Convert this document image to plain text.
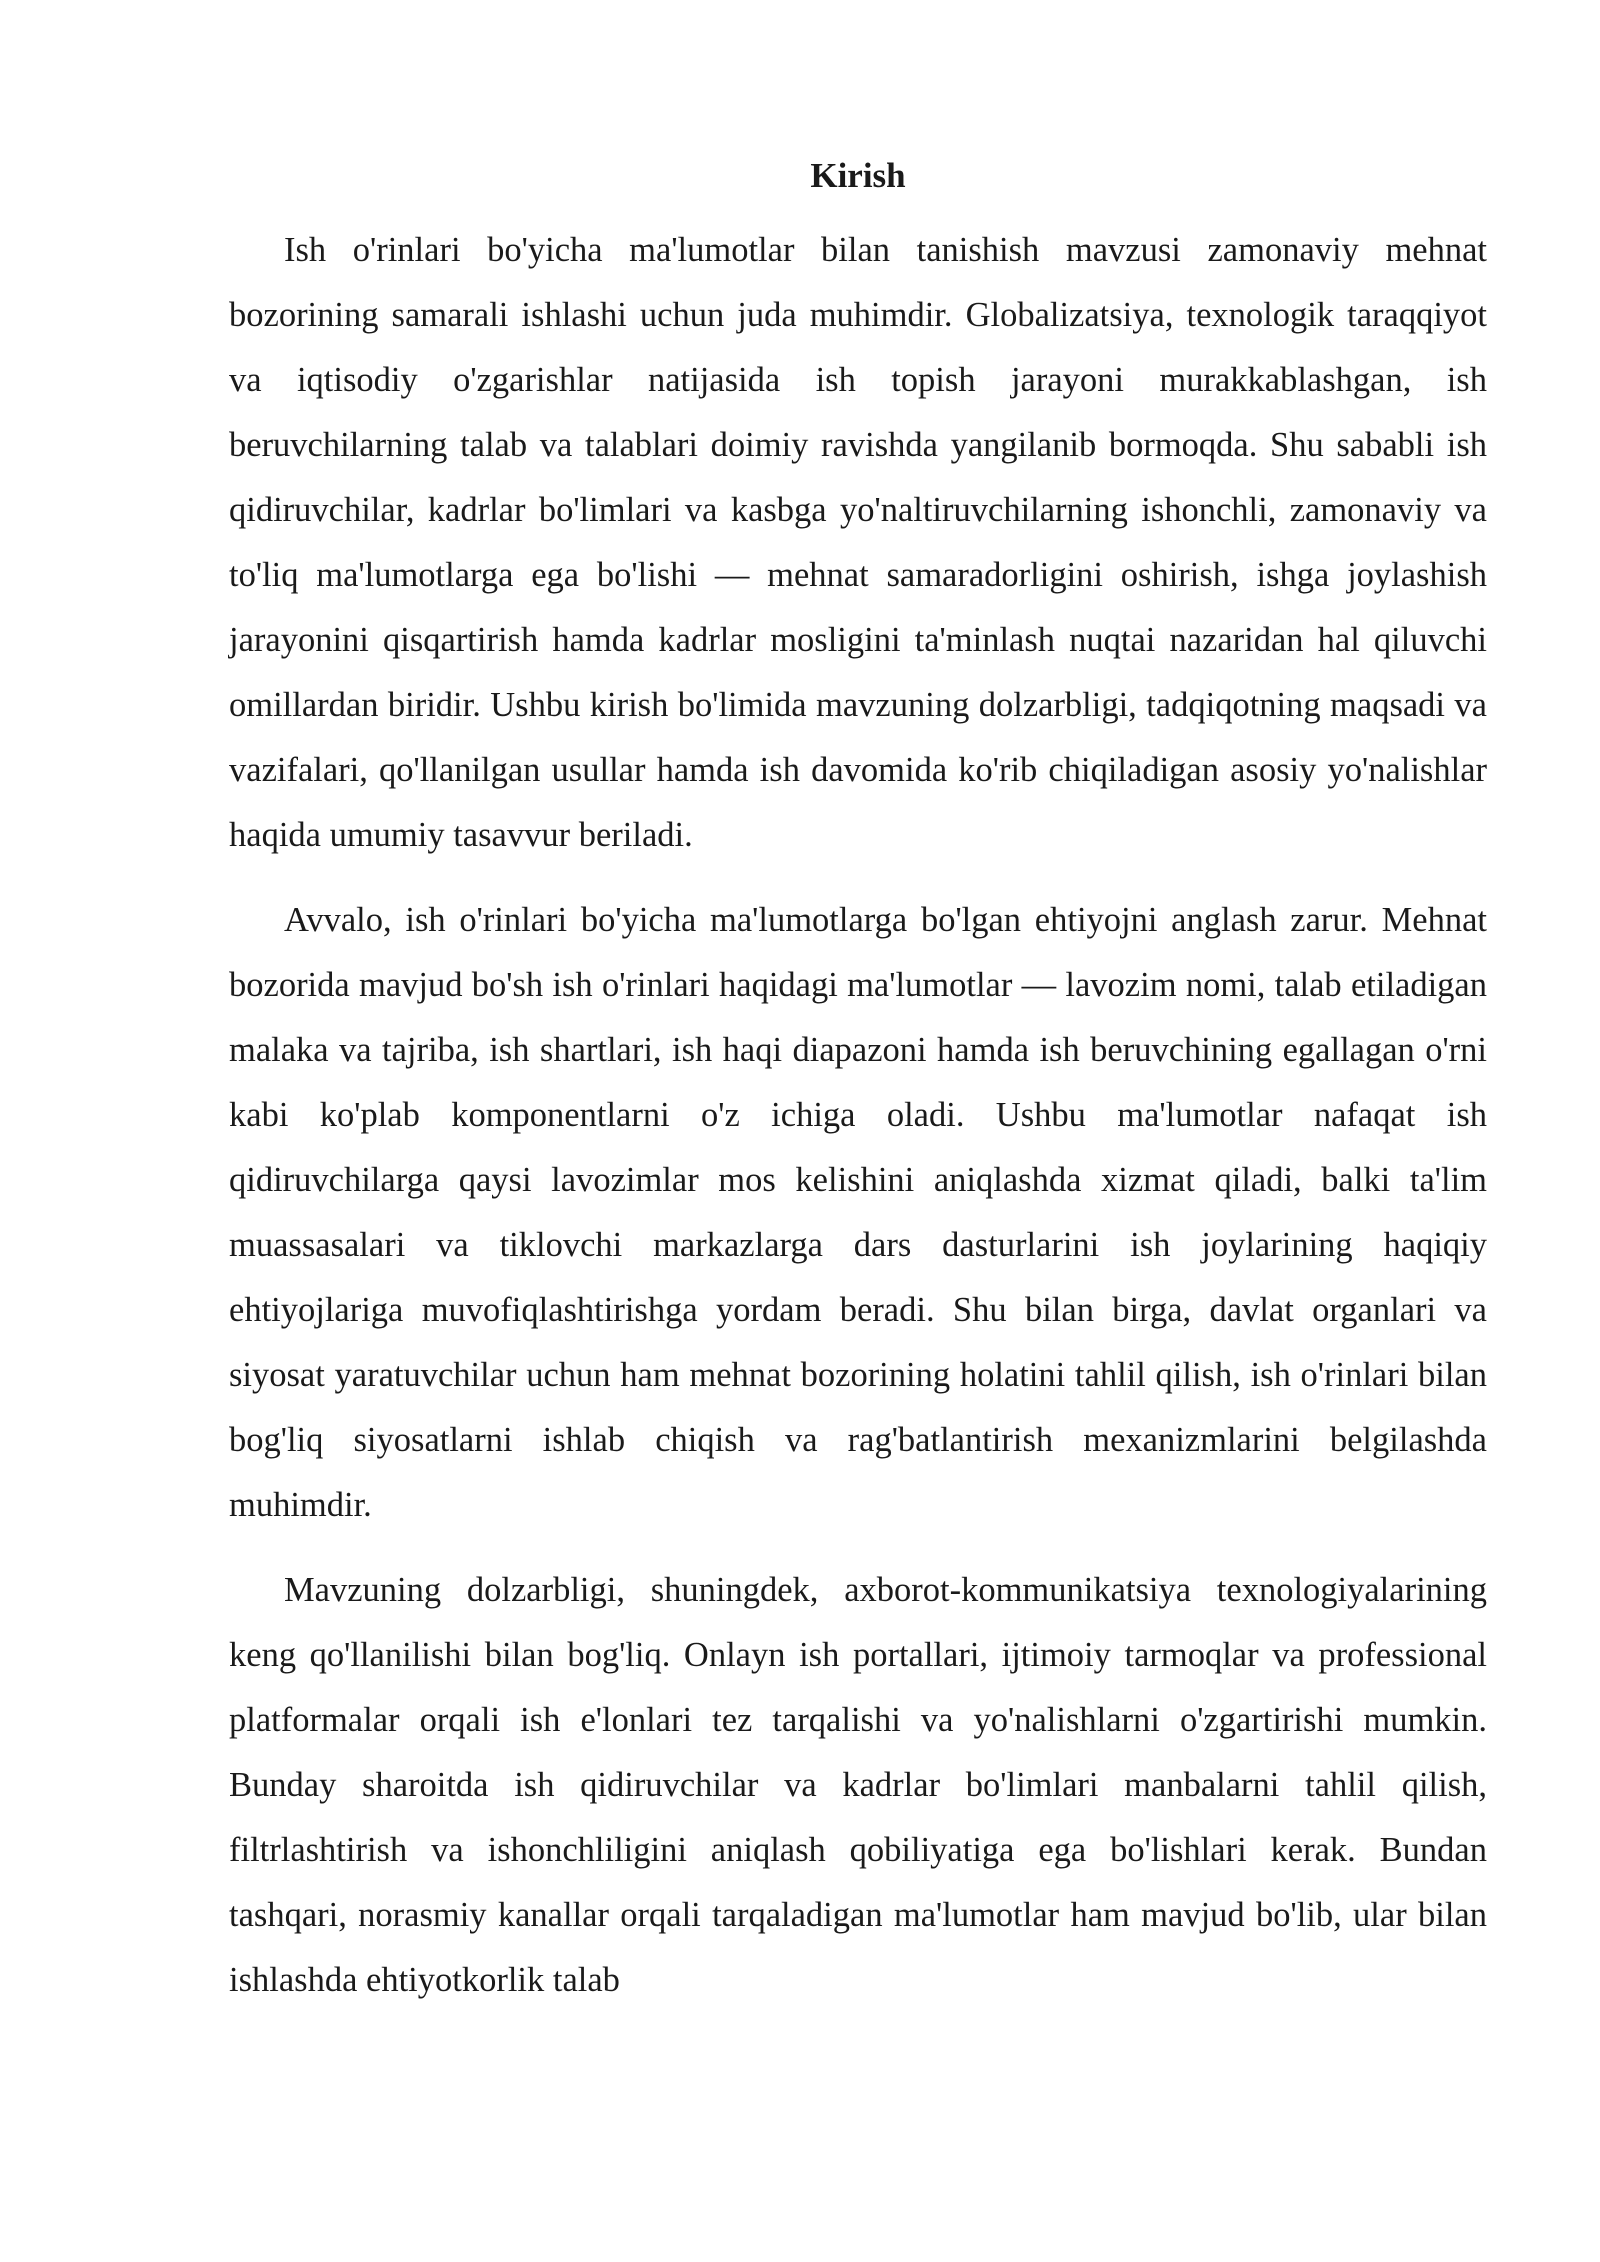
Kirish

Ish o'rinlari bo'yicha ma'lumotlar bilan tanishish mavzusi zamonaviy mehnat bozorining samarali ishlashi uchun juda muhimdir. Globalizatsiya, texnologik taraqqiyot va iqtisodiy o'zgarishlar natijasida ish topish jarayoni murakkablashgan, ish beruvchilarning talab va talablari doimiy ravishda yangilanib bormoqda. Shu sababli ish qidiruvchilar, kadrlar bo'limlari va kasbga yo'naltiruvchilarning ishonchli, zamonaviy va to'liq ma'lumotlarga ega bo'lishi — mehnat samaradorligini oshirish, ishga joylashish jarayonini qisqartirish hamda kadrlar mosligini ta'minlash nuqtai nazaridan hal qiluvchi omillardan biridir. Ushbu kirish bo'limida mavzuning dolzarbligi, tadqiqotning maqsadi va vazifalari, qo'llanilgan usullar hamda ish davomida ko'rib chiqiladigan asosiy yo'nalishlar haqida umumiy tasavvur beriladi.

Avvalo, ish o'rinlari bo'yicha ma'lumotlarga bo'lgan ehtiyojni anglash zarur. Mehnat bozorida mavjud bo'sh ish o'rinlari haqidagi ma'lumotlar — lavozim nomi, talab etiladigan malaka va tajriba, ish shartlari, ish haqi diapazoni hamda ish beruvchining egallagan o'rni kabi ko'plab komponentlarni o'z ichiga oladi. Ushbu ma'lumotlar nafaqat ish qidiruvchilarga qaysi lavozimlar mos kelishini aniqlashda xizmat qiladi, balki ta'lim muassasalari va tiklovchi markazlarga dars dasturlarini ish joylarining haqiqiy ehtiyojlariga muvofiqlashtirishga yordam beradi. Shu bilan birga, davlat organlari va siyosat yaratuvchilar uchun ham mehnat bozorining holatini tahlil qilish, ish o'rinlari bilan bog'liq siyosatlarni ishlab chiqish va rag'batlantirish mexanizmlarini belgilashda muhimdir.

Mavzuning dolzarbligi, shuningdek, axborot-kommunikatsiya texnologiyalarining keng qo'llanilishi bilan bog'liq. Onlayn ish portallari, ijtimoiy tarmoqlar va professional platformalar orqali ish e'lonlari tez tarqalishi va yo'nalishlarni o'zgartirishi mumkin. Bunday sharoitda ish qidiruvchilar va kadrlar bo'limlari manbalarni tahlil qilish, filtrlashtirish va ishonchliligini aniqlash qobiliyatiga ega bo'lishlari kerak. Bundan tashqari, norasmiy kanallar orqali tarqaladigan ma'lumotlar ham mavjud bo'lib, ular bilan ishlashda ehtiyotkorlik talab
